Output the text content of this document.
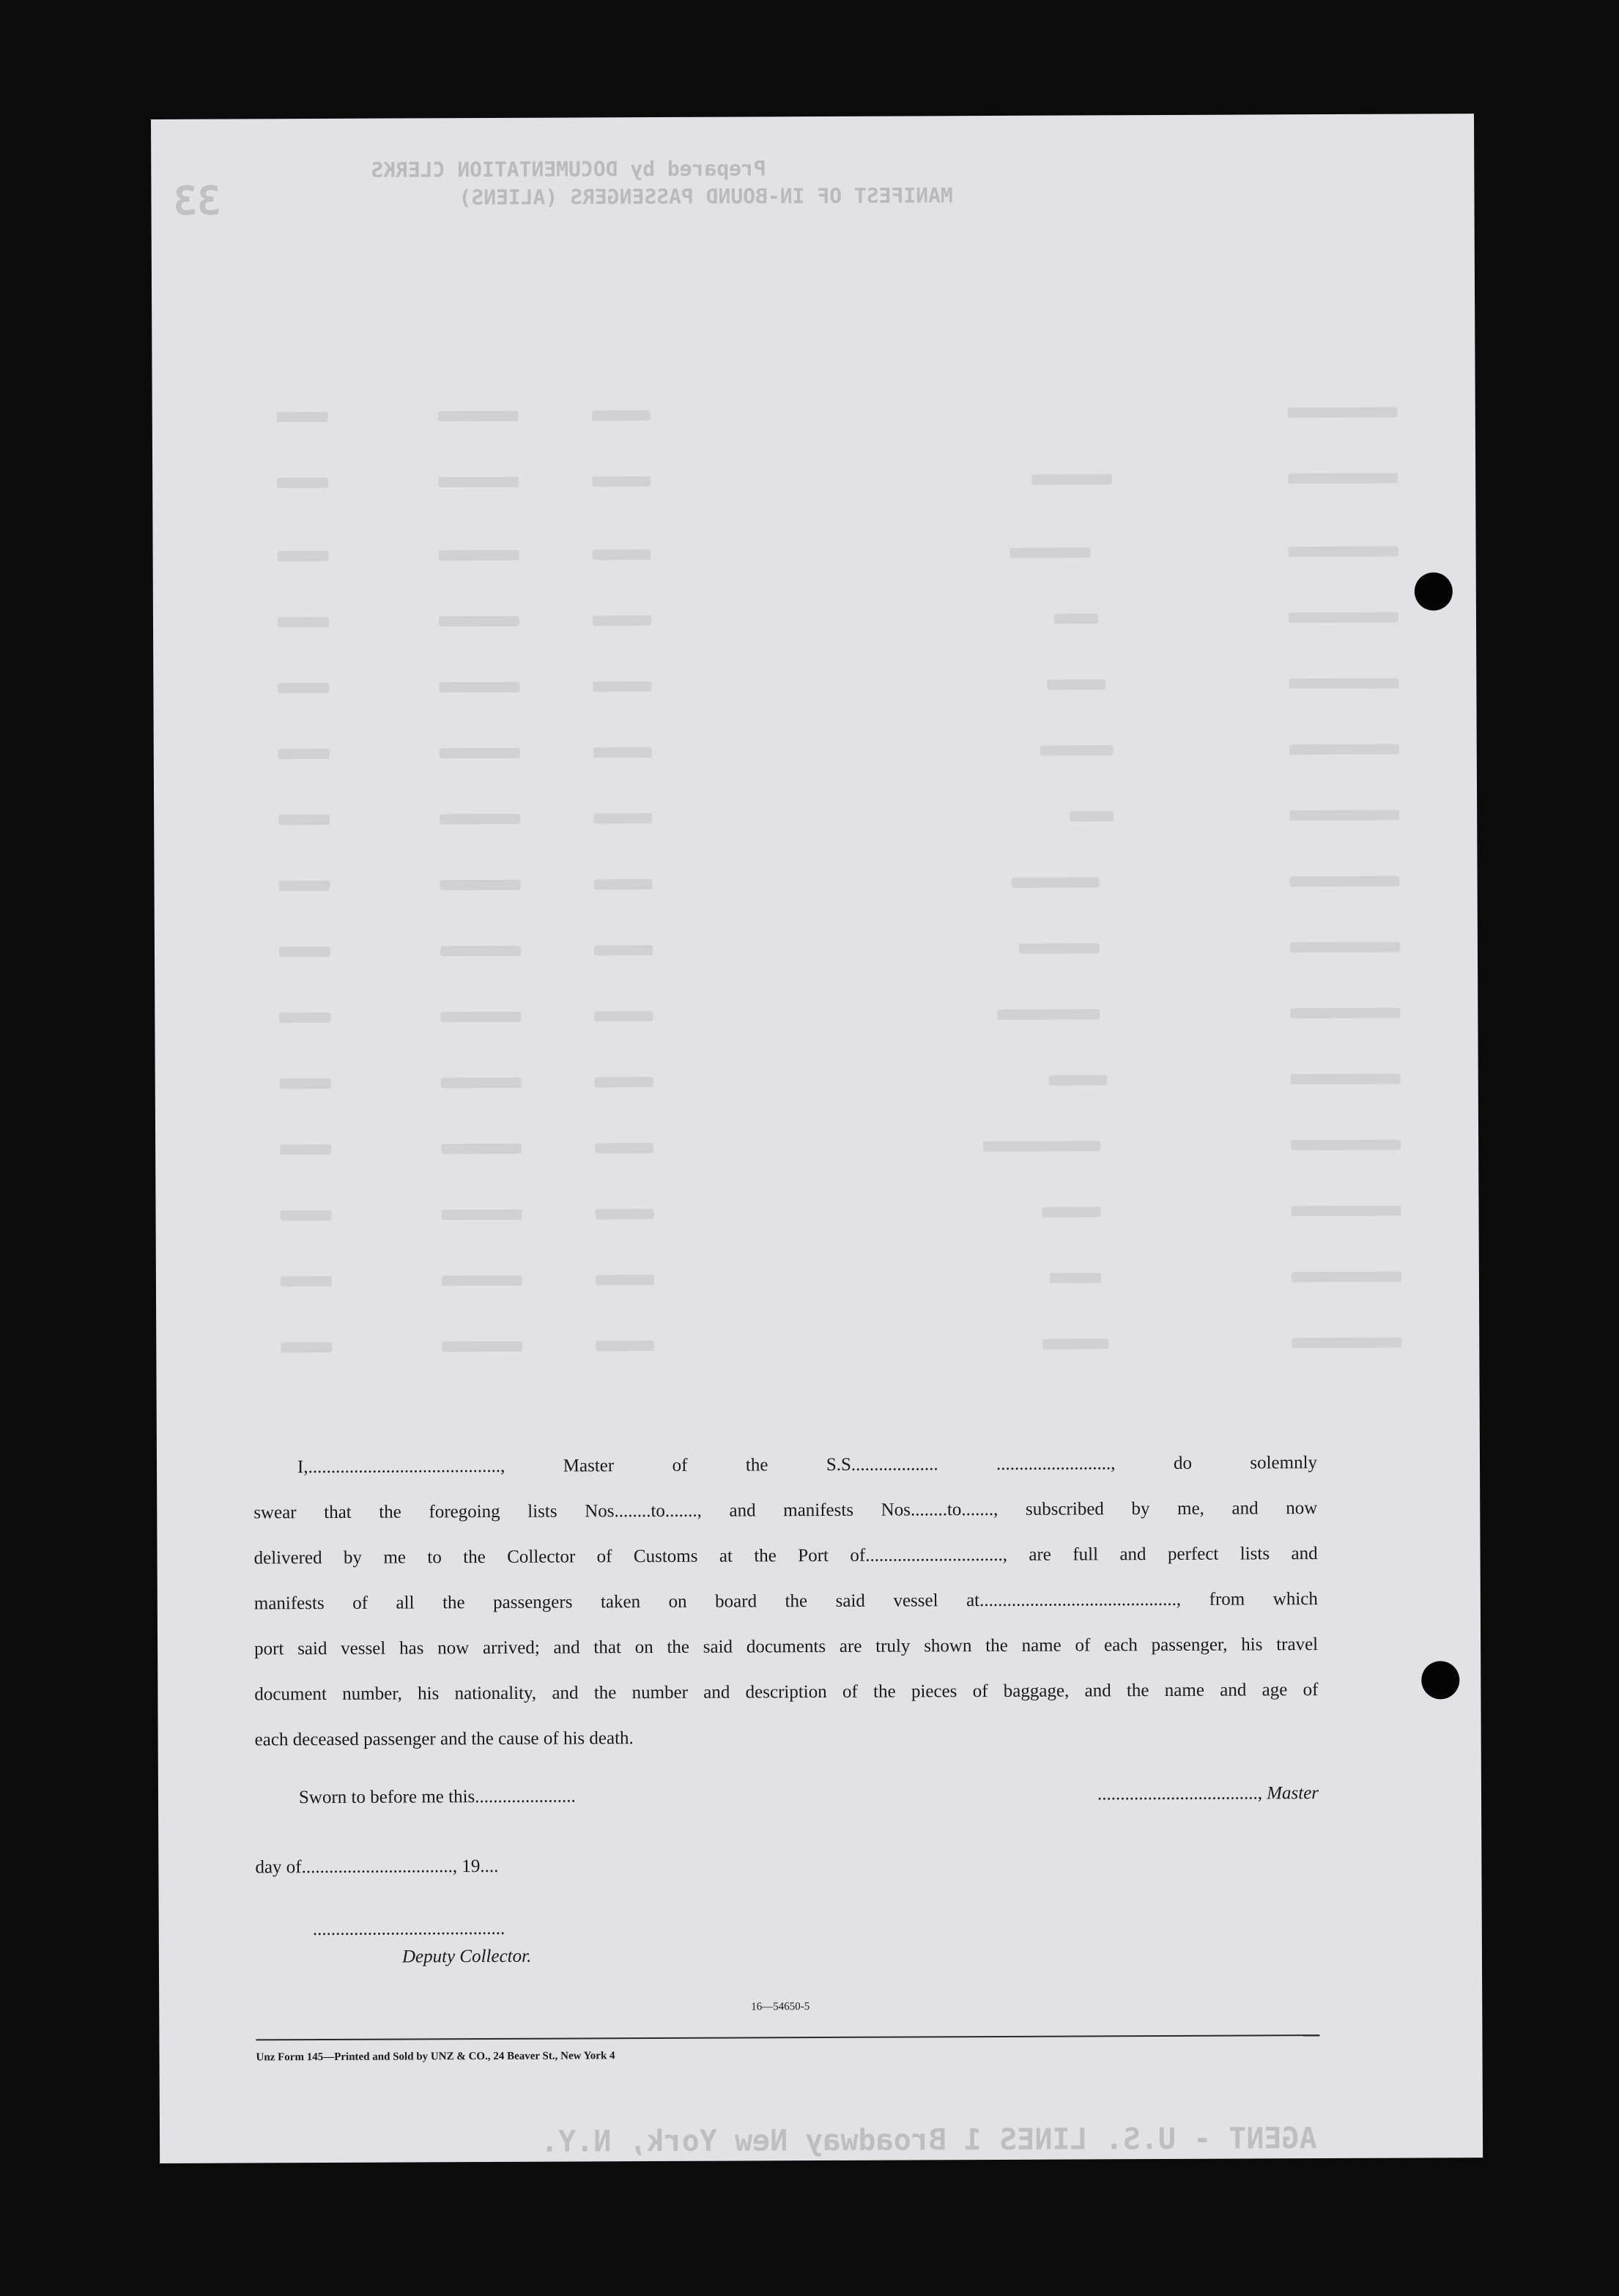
33
Prepared by DOCUMENTATION CLERKS
MANIFEST OF IN-BOUND PASSENGERS (ALIENS)

I,.........................................., Master of the S.S................... ........................., do solemnly

swear that the foregoing lists Nos........to......., and manifests Nos........to......., subscribed by me, and now

delivered by me to the Collector of Customs at the Port of.............................., are full and perfect lists and

manifests of all the passengers taken on board the said vessel at..........................................., from which

port said vessel has now arrived; and that on the said documents are truly shown the name of each passenger, his travel

document number, his nationality, and the number and description of the pieces of baggage, and the name and age of

each deceased passenger and the cause of his death.

Sworn to before me this......................	..................................., Master
day of................................., 19....
..........................................
Deputy Collector.
16—54650-5
Unz Form 145—Printed and Sold by UNZ & CO., 24 Beaver St., New York 4
AGENT - U.S. LINES 1 Broadway New York, N.Y.
